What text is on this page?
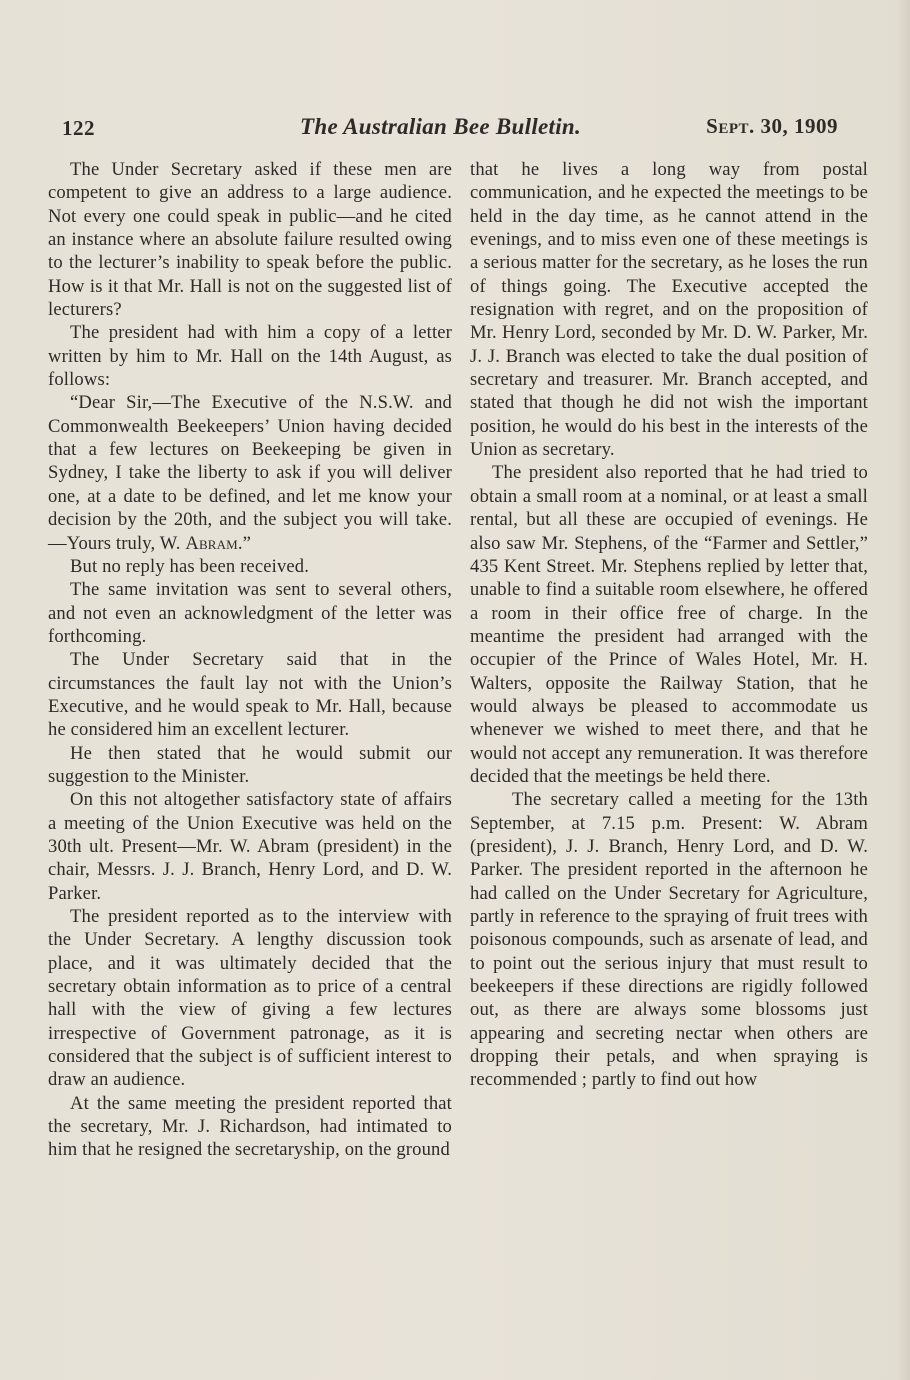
122	The Australian Bee Bulletin.	Sept. 30, 1909

The Under Secretary asked if these men are competent to give an address to a large audience. Not every one could speak in public—and he cited an instance where an absolute failure resulted owing to the lecturer’s inability to speak before the public. How is it that Mr. Hall is not on the suggested list of lecturers?

The president had with him a copy of a letter written by him to Mr. Hall on the 14th August, as follows:

“Dear Sir,—The Executive of the N.S.W. and Commonwealth Beekeepers’ Union having decided that a few lectures on Beekeeping be given in Sydney, I take the liberty to ask if you will deliver one, at a date to be defined, and let me know your decision by the 20th, and the subject you will take.—Yours truly, W. Abram.”

But no reply has been received.

The same invitation was sent to several others, and not even an acknowledgment of the letter was forthcoming.

The Under Secretary said that in the circumstances the fault lay not with the Union’s Executive, and he would speak to Mr. Hall, because he considered him an excellent lecturer.

He then stated that he would submit our suggestion to the Minister.

On this not altogether satisfactory state of affairs a meeting of the Union Executive was held on the 30th ult. Present—Mr. W. Abram (president) in the chair, Messrs. J. J. Branch, Henry Lord, and D. W. Parker.

The president reported as to the interview with the Under Secretary. A lengthy discussion took place, and it was ultimately decided that the secretary obtain information as to price of a central hall with the view of giving a few lectures irrespective of Government patronage, as it is considered that the subject is of sufficient interest to draw an audience.

At the same meeting the president reported that the secretary, Mr. J. Richardson, had intimated to him that he resigned the secretaryship, on the ground

that he lives a long way from postal communication, and he expected the meetings to be held in the day time, as he cannot attend in the evenings, and to miss even one of these meetings is a serious matter for the secretary, as he loses the run of things going. The Executive accepted the resignation with regret, and on the proposition of Mr. Henry Lord, seconded by Mr. D. W. Parker, Mr. J. J. Branch was elected to take the dual position of secretary and treasurer. Mr. Branch accepted, and stated that though he did not wish the important position, he would do his best in the interests of the Union as secretary.

The president also reported that he had tried to obtain a small room at a nominal, or at least a small rental, but all these are occupied of evenings. He also saw Mr. Stephens, of the “Farmer and Settler,” 435 Kent Street. Mr. Stephens replied by letter that, unable to find a suitable room elsewhere, he offered a room in their office free of charge. In the meantime the president had arranged with the occupier of the Prince of Wales Hotel, Mr. H. Walters, opposite the Railway Station, that he would always be pleased to accommodate us whenever we wished to meet there, and that he would not accept any remuneration. It was therefore decided that the meetings be held there.

The secretary called a meeting for the 13th September, at 7.15 p.m. Present: W. Abram (president), J. J. Branch, Henry Lord, and D. W. Parker. The president reported in the afternoon he had called on the Under Secretary for Agriculture, partly in reference to the spraying of fruit trees with poisonous compounds, such as arsenate of lead, and to point out the serious injury that must result to beekeepers if these directions are rigidly followed out, as there are always some blossoms just appearing and secreting nectar when others are dropping their petals, and when spraying is recommended ; partly to find out how
